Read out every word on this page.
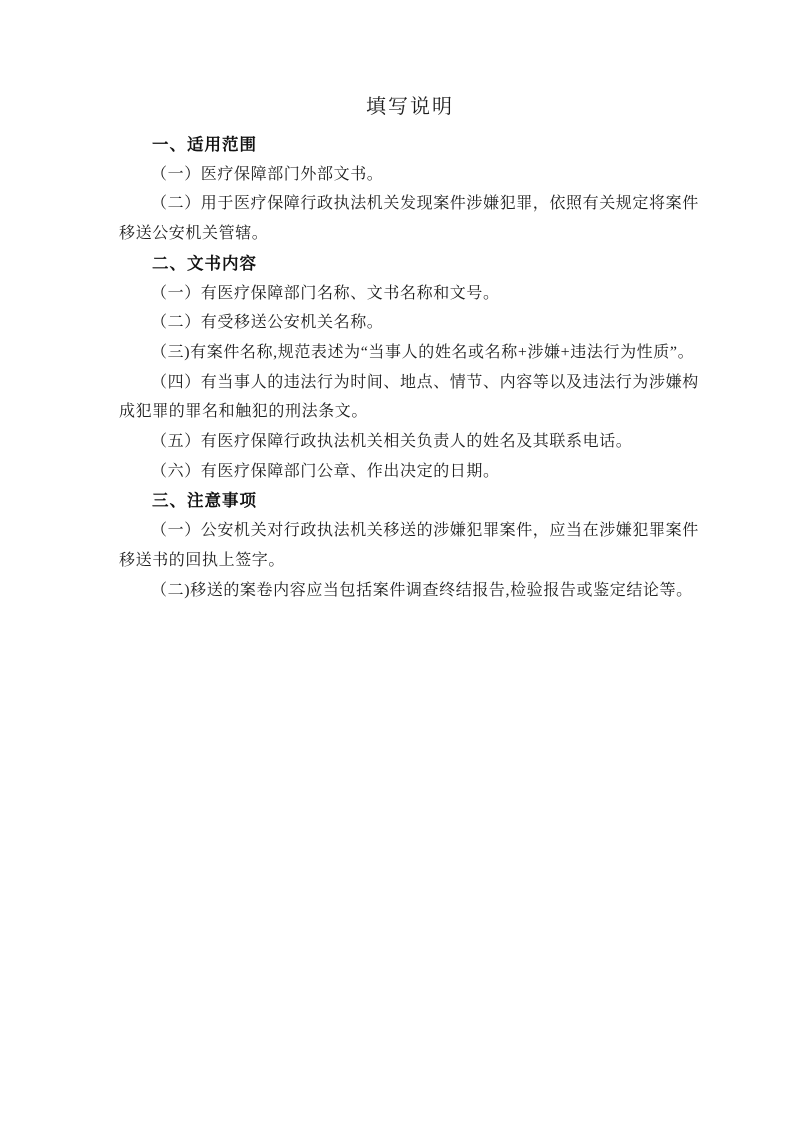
填写说明
一、适用范围

（一）医疗保障部门外部文书。

（二）用于医疗保障行政执法机关发现案件涉嫌犯罪，依照有关规定将案件
移送公安机关管辖。

二、文书内容

（一）有医疗保障部门名称、文书名称和文号。

（二）有受移送公安机关名称。

（三)有案件名称,规范表述为“当事人的姓名或名称+涉嫌+违法行为性质”。

（四）有当事人的违法行为时间、地点、情节、内容等以及违法行为涉嫌构
成犯罪的罪名和触犯的刑法条文。

（五）有医疗保障行政执法机关相关负责人的姓名及其联系电话。

（六）有医疗保障部门公章、作出决定的日期。

三、注意事项

（一）公安机关对行政执法机关移送的涉嫌犯罪案件，应当在涉嫌犯罪案件
移送书的回执上签字。

（二)移送的案卷内容应当包括案件调查终结报告,检验报告或鉴定结论等。
